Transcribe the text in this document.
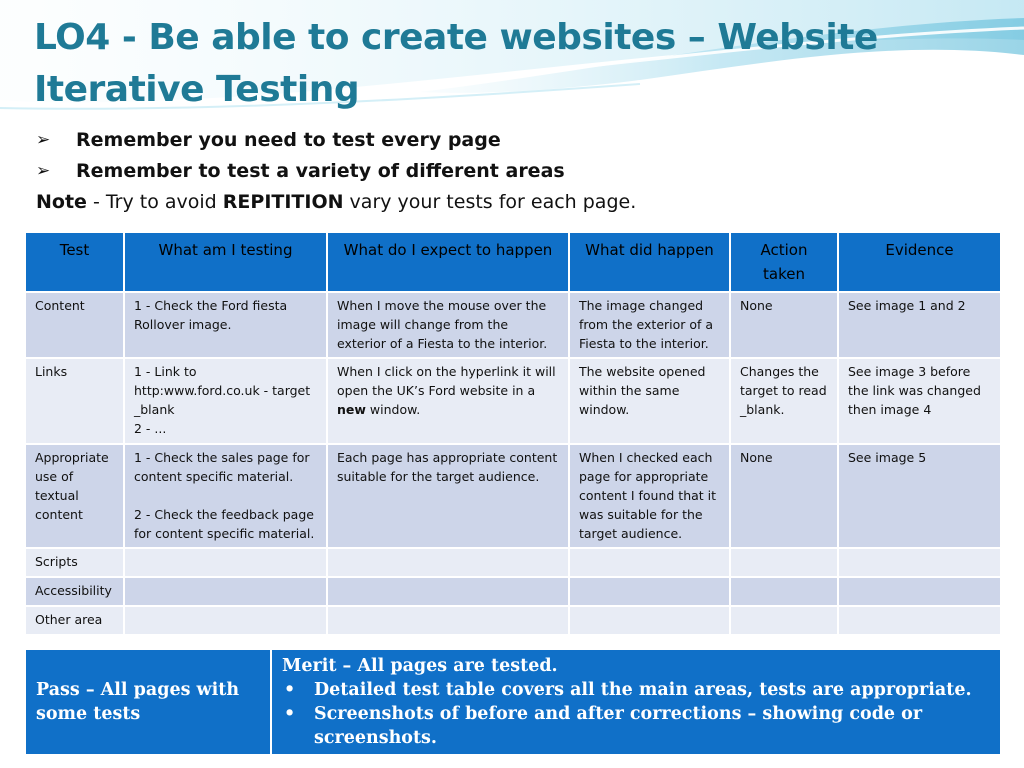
LO4 - Be able to create websites – Website
Iterative Testing
➢	Remember you need to test every page
➢	Remember to test a variety of different areas
Note - Try to avoid REPITITION vary your tests for each page.
Test	What am I testing	What do I expect to happen	What did happen	Action taken	Evidence
Content	1 - Check the Ford fiesta Rollover image.	When I move the mouse over the image will change from the exterior of a Fiesta to the interior.	The image changed from the exterior of a Fiesta to the interior.	None	See image 1 and 2
Links	1 - Link to http:www.ford.co.uk - target _blank
2 - ...	When I click on the hyperlink it will open the UK’s Ford website in a new window.	The website opened within the same window.	Changes the target to read _blank.	See image 3 before the link was changed then image 4
Appropriate use of textual content	1 - Check the sales page for content specific material.

2 - Check the feedback page for content specific material.	Each page has appropriate content suitable for the target audience.	When I checked each page for appropriate content I found that it was suitable for the target audience.	None	See image 5
Scripts					
Accessibility					
Other area					
Pass – All pages with some tests	
Merit – All pages are tested.
•	Detailed test table covers all the main areas, tests are appropriate.
•	Screenshots of before and after corrections – showing code or screenshots.
